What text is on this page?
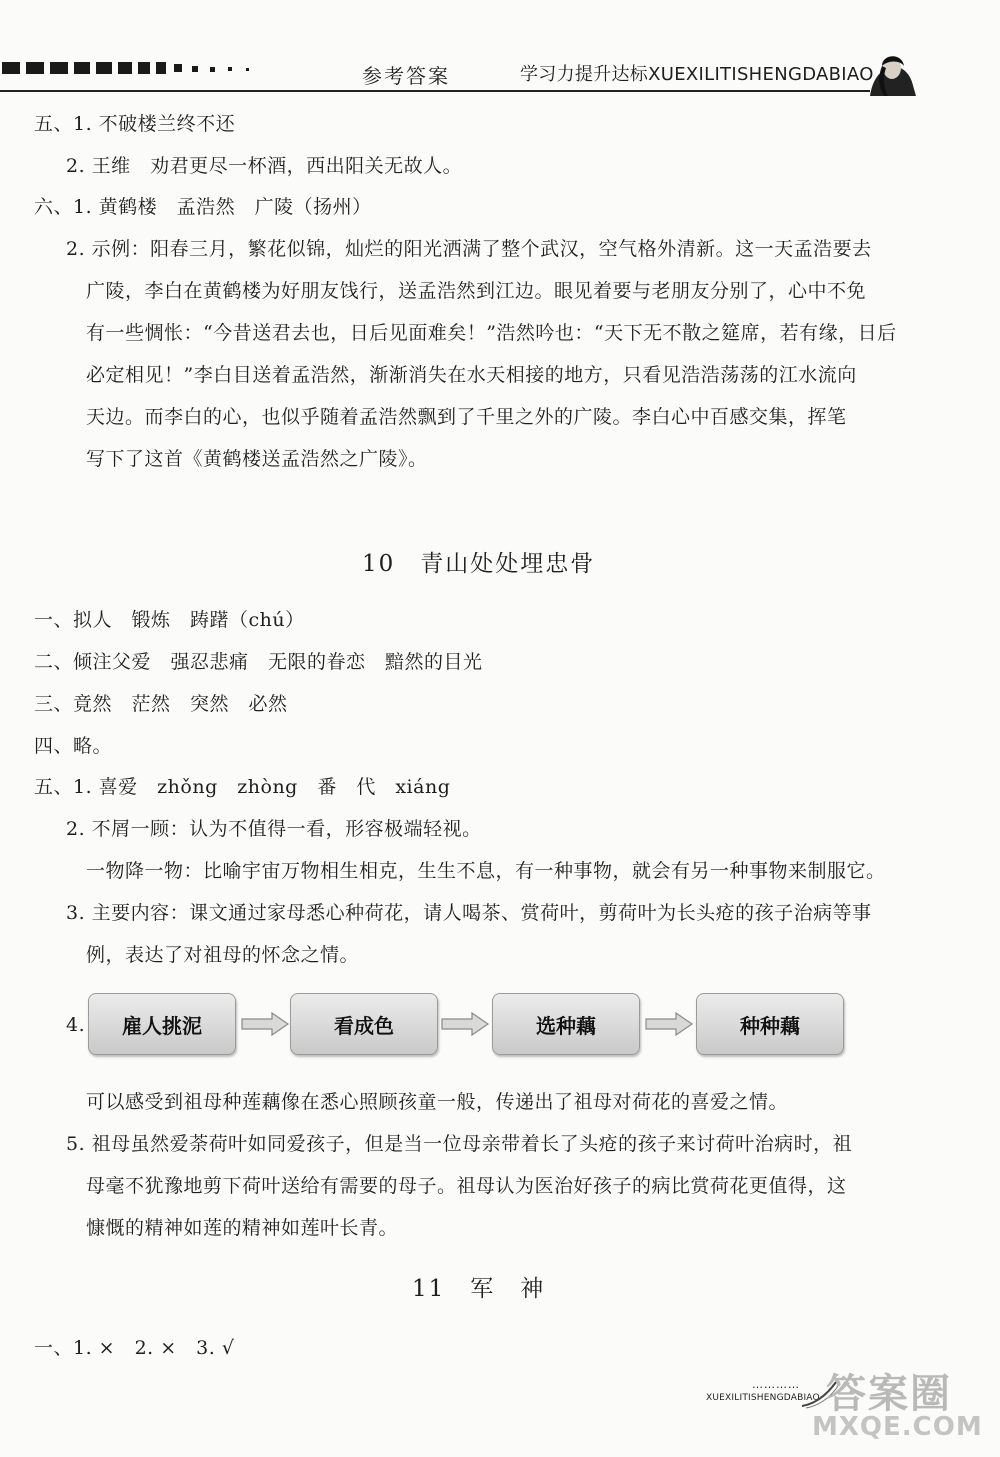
参考答案	学习力提升达标XUEXILITISHENGDABIAO
五、1. 不破楼兰终不还
2. 王维　劝君更尽一杯酒，西出阳关无故人。
六、1. 黄鹤楼　孟浩然　广陵（扬州）
2. 示例：阳春三月，繁花似锦，灿烂的阳光洒满了整个武汉，空气格外清新。这一天孟浩要去
广陵，李白在黄鹤楼为好朋友饯行，送孟浩然到江边。眼见着要与老朋友分别了，心中不免
有一些惆怅：“今昔送君去也，日后见面难矣！”浩然吟也：“天下无不散之筵席，若有缘，日后
必定相见！”李白目送着孟浩然，渐渐消失在水天相接的地方，只看见浩浩荡荡的江水流向
天边。而李白的心，也似乎随着孟浩然飘到了千里之外的广陵。李白心中百感交集，挥笔
写下了这首《黄鹤楼送孟浩然之广陵》。
10　青山处处埋忠骨
一、拟人　锻炼　踌躇（chú）
二、倾注父爱　强忍悲痛　无限的眷恋　黯然的目光
三、竟然　茫然　突然　必然
四、略。
五、1. 喜爱　zhǒng　zhòng　番　代　xiáng
2. 不屑一顾：认为不值得一看，形容极端轻视。
一物降一物：比喻宇宙万物相生相克，生生不息，有一种事物，就会有另一种事物来制服它。
3. 主要内容：课文通过家母悉心种荷花，请人喝茶、赏荷叶，剪荷叶为长头疮的孩子治病等事
例，表达了对祖母的怀念之情。
4.	雇人挑泥	看成色	选种藕	种种藕
可以感受到祖母种莲藕像在悉心照顾孩童一般，传递出了祖母对荷花的喜爱之情。
5. 祖母虽然爱荼荷叶如同爱孩子，但是当一位母亲带着长了头疮的孩子来讨荷叶治病时，祖
母毫不犹豫地剪下荷叶送给有需要的母子。祖母认为医治好孩子的病比赏荷花更值得，这
慷慨的精神如莲的精神如莲叶长青。
11　军　神
一、1. ×　2. ×　3. √
…………
XUEXILITISHENGDABIAO 答案圈
MXQE.COM
